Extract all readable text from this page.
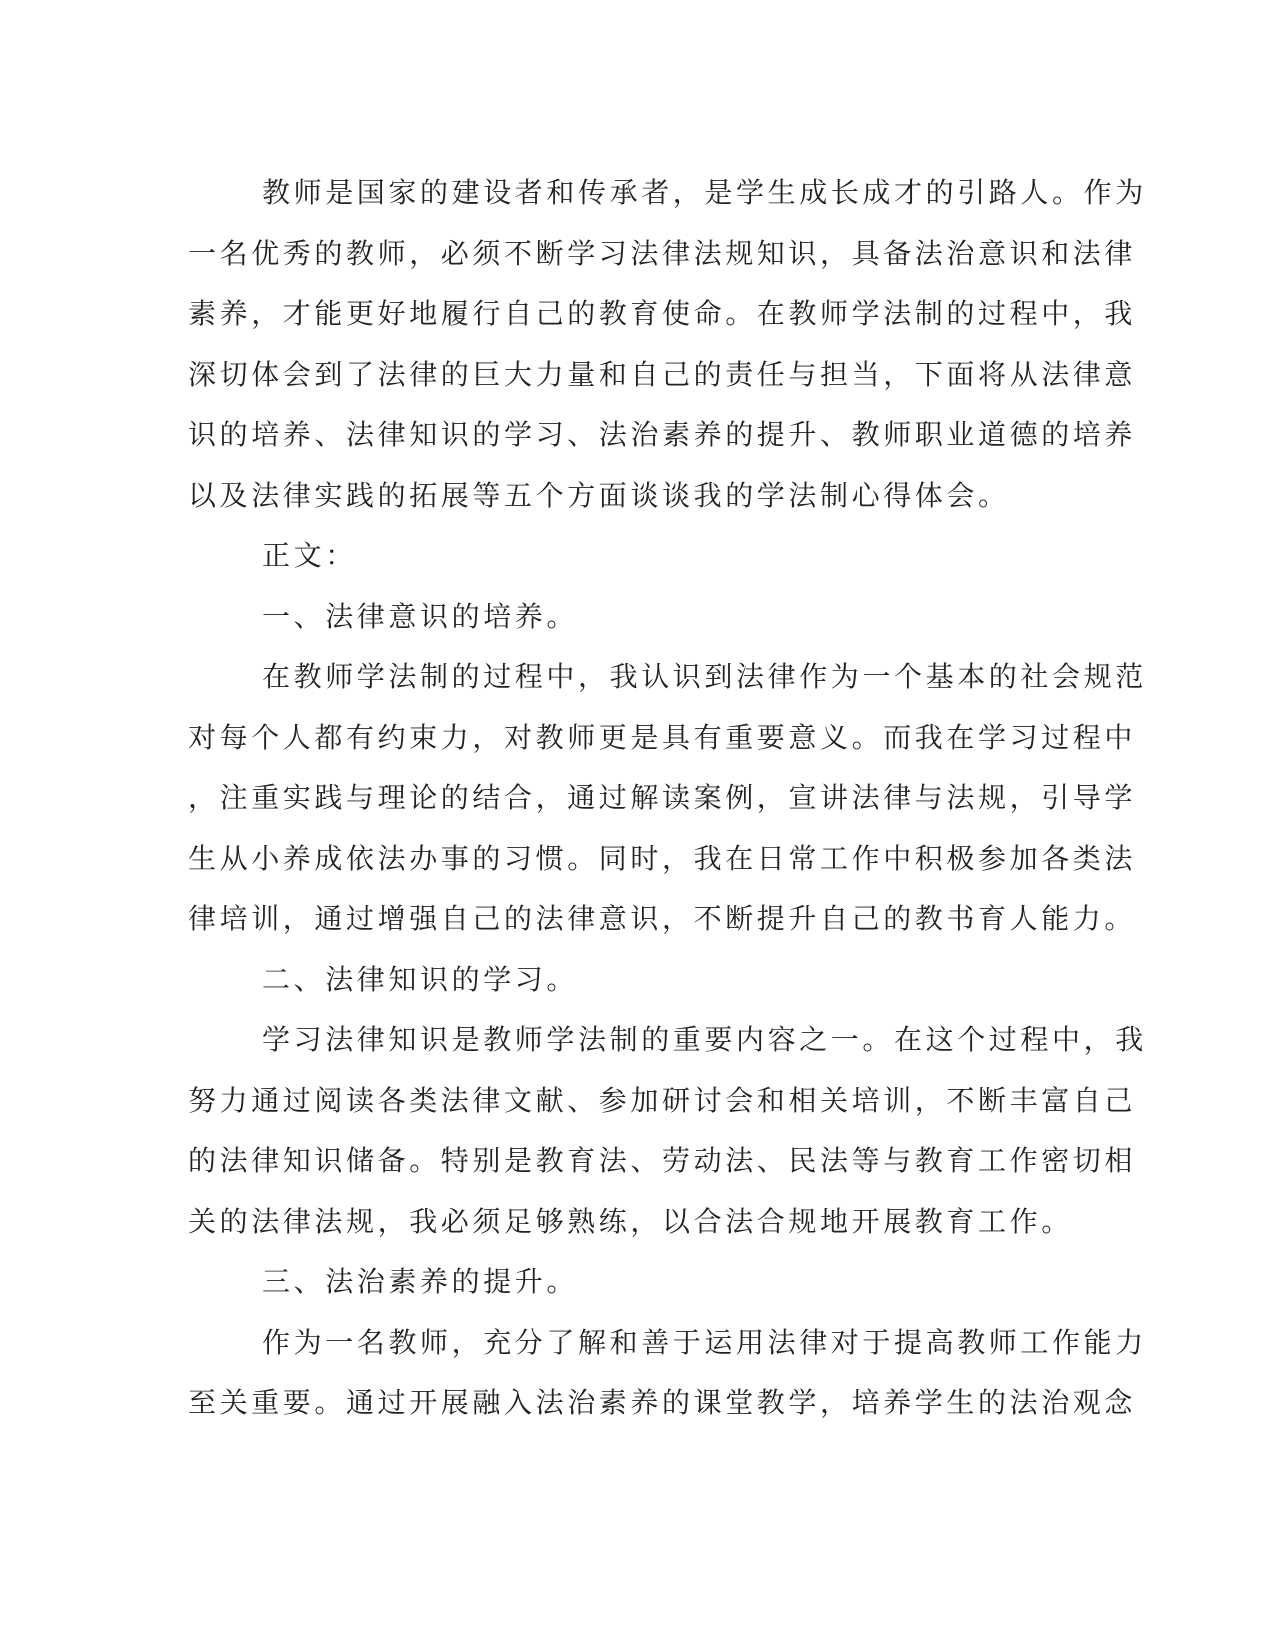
教师是国家的建设者和传承者，是学生成长成才的引路人。作为
一名优秀的教师，必须不断学习法律法规知识，具备法治意识和法律
素养，才能更好地履行自己的教育使命。在教师学法制的过程中，我
深切体会到了法律的巨大力量和自己的责任与担当，下面将从法律意
识的培养、法律知识的学习、法治素养的提升、教师职业道德的培养
以及法律实践的拓展等五个方面谈谈我的学法制心得体会。
正文：
一、法律意识的培养。
在教师学法制的过程中，我认识到法律作为一个基本的社会规范
对每个人都有约束力，对教师更是具有重要意义。而我在学习过程中
，注重实践与理论的结合，通过解读案例，宣讲法律与法规，引导学
生从小养成依法办事的习惯。同时，我在日常工作中积极参加各类法
律培训，通过增强自己的法律意识，不断提升自己的教书育人能力。
二、法律知识的学习。
学习法律知识是教师学法制的重要内容之一。在这个过程中，我
努力通过阅读各类法律文献、参加研讨会和相关培训，不断丰富自己
的法律知识储备。特别是教育法、劳动法、民法等与教育工作密切相
关的法律法规，我必须足够熟练，以合法合规地开展教育工作。
三、法治素养的提升。
作为一名教师，充分了解和善于运用法律对于提高教师工作能力
至关重要。通过开展融入法治素养的课堂教学，培养学生的法治观念
